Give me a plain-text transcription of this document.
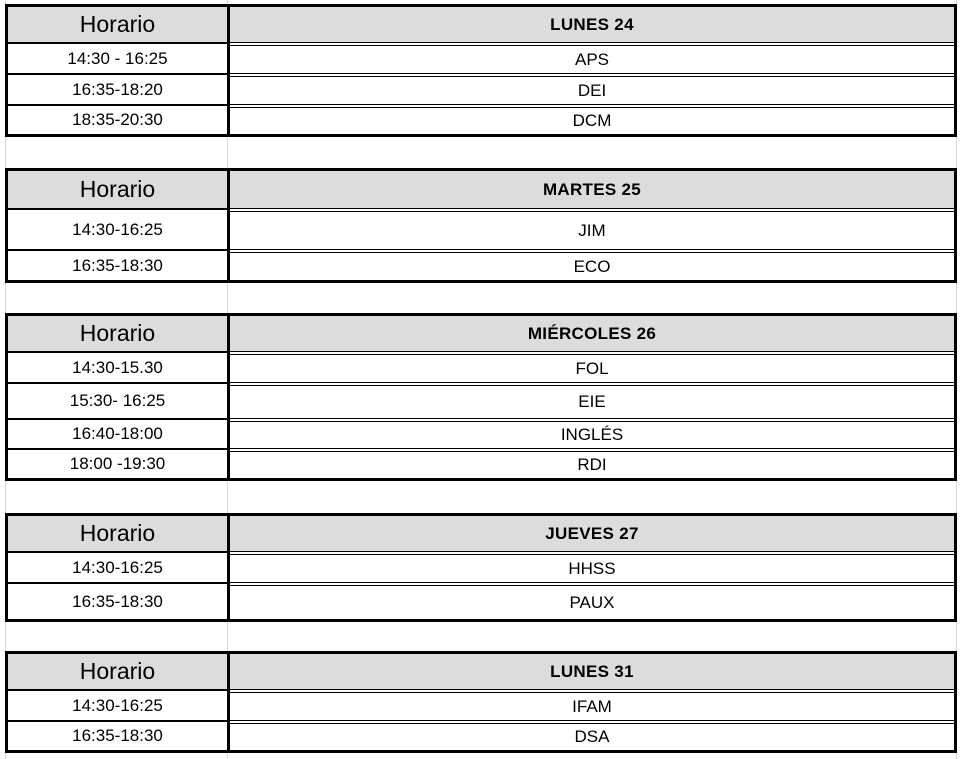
Horario	LUNES 24
14:30 - 16:25	APS
16:35-18:20	DEI
18:35-20:30	DCM
Horario	MARTES 25
14:30-16:25	JIM
16:35-18:30	ECO
Horario	MIÉRCOLES 26
14:30-15.30	FOL
15:30- 16:25	EIE
16:40-18:00	INGLÉS
18:00 -19:30	RDI
Horario	JUEVES 27
14:30-16:25	HHSS
16:35-18:30	PAUX
Horario	LUNES 31
14:30-16:25	IFAM
16:35-18:30	DSA
